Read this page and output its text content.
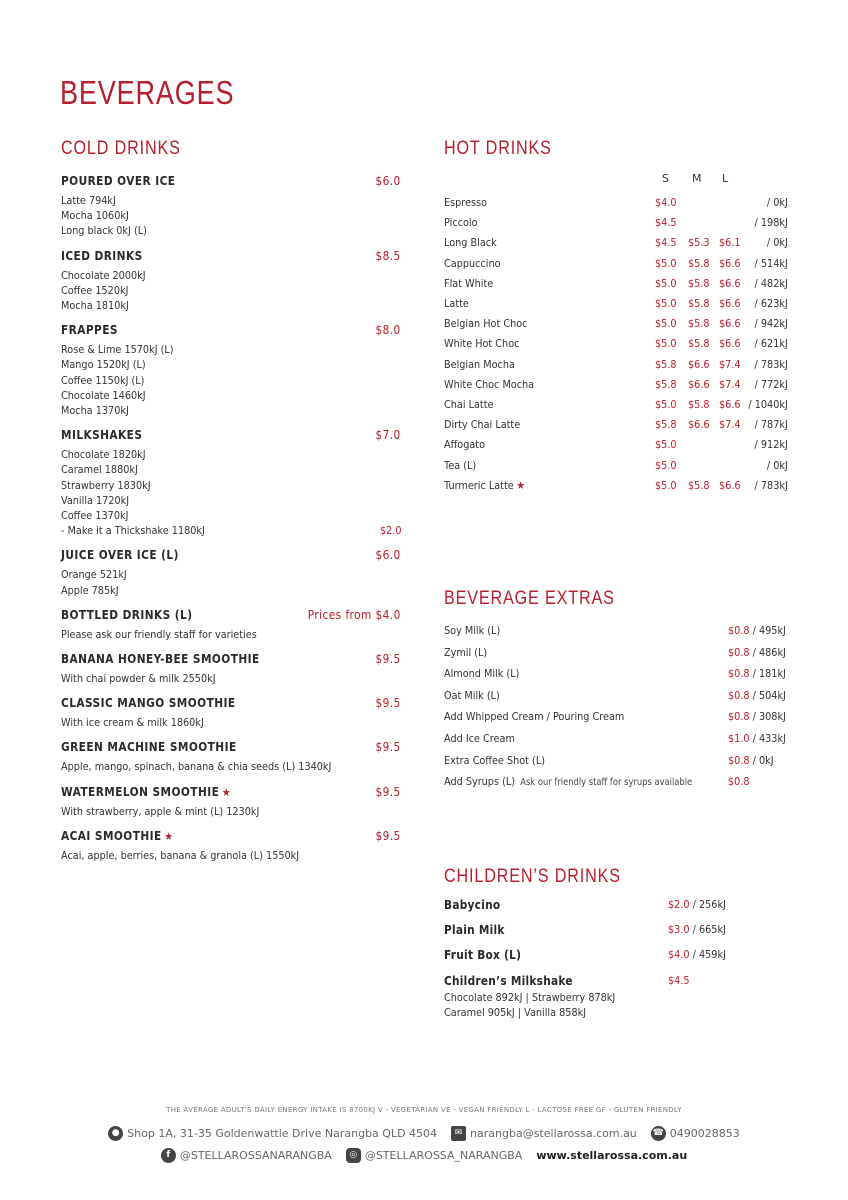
BEVERAGES
COLD DRINKS
POURED OVER ICE	$6.0
Latte 794kJ
Mocha 1060kJ
Long black 0kJ (L)
ICED DRINKS	$8.5
Chocolate 2000kJ
Coffee 1520kJ
Mocha 1810kJ
FRAPPES	$8.0
Rose & Lime 1570kJ (L)
Mango 1520kJ (L)
Coffee 1150kJ (L)
Chocolate 1460kJ
Mocha 1370kJ
MILKSHAKES	$7.0
Chocolate 1820kJ
Caramel 1880kJ
Strawberry 1830kJ
Vanilla 1720kJ
Coffee 1370kJ
- Make it a Thickshake 1180kJ	$2.0
JUICE OVER ICE (L)	$6.0
Orange 521kJ
Apple 785kJ
BOTTLED DRINKS (L)	Prices from $4.0
Please ask our friendly staff for varieties
BANANA HONEY-BEE SMOOTHIE	$9.5
With chai powder & milk 2550kJ
CLASSIC MANGO SMOOTHIE	$9.5
With ice cream & milk 1860kJ
GREEN MACHINE SMOOTHIE	$9.5
Apple, mango, spinach, banana & chia seeds (L) 1340kJ
WATERMELON SMOOTHIE ★	$9.5
With strawberry, apple & mint (L) 1230kJ
ACAI SMOOTHIE ★	$9.5
Acai, apple, berries, banana & granola (L) 1550kJ
HOT DRINKS
S M L
Espresso	$4.0	/ 0kJ
Piccolo	$4.5	/ 198kJ
Long Black	$4.5 $5.3 $6.1 / 0kJ
Cappuccino	$5.0 $5.8 $6.6 / 514kJ
Flat White	$5.0 $5.8 $6.6 / 482kJ
Latte	$5.0 $5.8 $6.6 / 623kJ
Belgian Hot Choc	$5.0 $5.8 $6.6 / 942kJ
White Hot Choc	$5.0 $5.8 $6.6 / 621kJ
Belgian Mocha	$5.8 $6.6 $7.4 / 783kJ
White Choc Mocha	$5.8 $6.6 $7.4 / 772kJ
Chai Latte	$5.0 $5.8 $6.6 / 1040kJ
Dirty Chai Latte	$5.8 $6.6 $7.4 / 787kJ
Affogato	$5.0	/ 912kJ
Tea (L)	$5.0	/ 0kJ
Turmeric Latte ★	$5.0 $5.8 $6.6 / 783kJ
BEVERAGE EXTRAS
Soy Milk (L)	$0.8 / 495kJ
Zymil (L)	$0.8 / 486kJ
Almond Milk (L)	$0.8 / 181kJ
Oat Milk (L)	$0.8 / 504kJ
Add Whipped Cream / Pouring Cream	$0.8 / 308kJ
Add Ice Cream	$1.0 / 433kJ
Extra Coffee Shot (L)	$0.8 / 0kJ
Add Syrups (L) Ask our friendly staff for syrups available	$0.8
CHILDREN’S DRINKS
Babycino	$2.0 / 256kJ
Plain Milk	$3.0 / 665kJ
Fruit Box (L)	$4.0 / 459kJ
Children’s Milkshake	$4.5
Chocolate 892kJ | Strawberry 878kJ
Caramel 905kJ | Vanilla 858kJ
THE AVERAGE ADULT'S DAILY ENERGY INTAKE IS 8700KJ V - VEGETARIAN VE - VEGAN FRIENDLY L - LACTOSE FREE GF - GLUTEN FRIENDLY
● Shop 1A, 31-35 Goldenwattle Drive Narangba QLD 4504	✉ narangba@stellarossa.com.au ☎ 0490028853
f @STELLAROSSANARANGBA	◎ @STELLAROSSA_NARANGBA www.stellarossa.com.au
